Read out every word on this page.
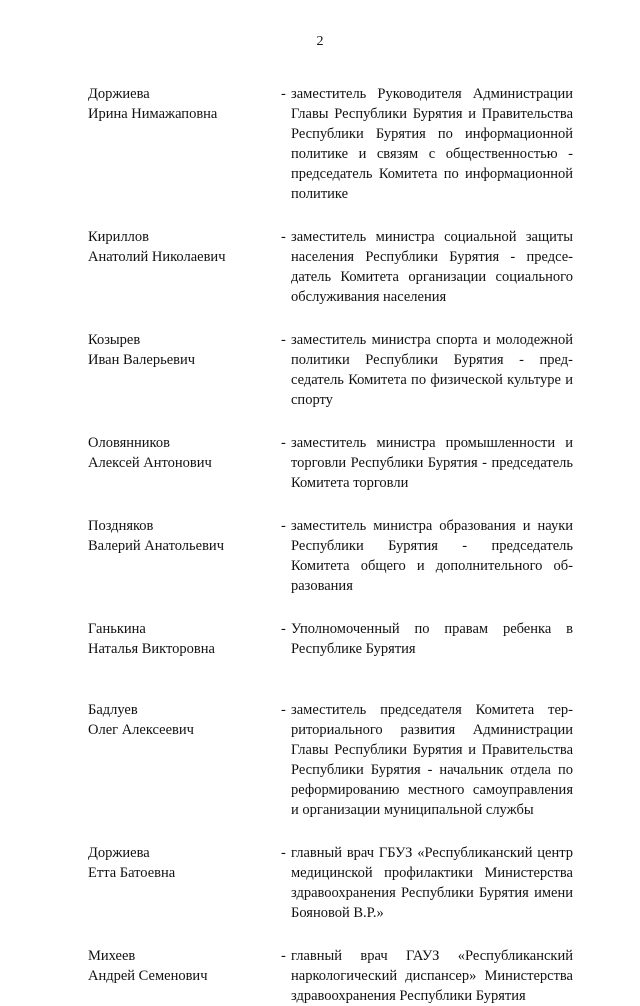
2
Доржиева
Ирина Нимажаповна
- заместитель Руководителя Администрации Главы Республики Бурятия и Правительства Республики Бурятия по информационной политике и связям с общественностью - председатель Комитета по информационной политике
Кириллов
Анатолий Николаевич
- заместитель министра социальной защиты населения Республики Бурятия - председатель Комитета организации социального обслуживания населения
Козырев
Иван Валерьевич
- заместитель министра спорта и молодежной политики Республики Бурятия - председатель Комитета по физической культуре и спорту
Оловянников
Алексей Антонович
- заместитель министра промышленности и торговли Республики Бурятия - председатель Комитета торговли
Поздняков
Валерий Анатольевич
- заместитель министра образования и науки Республики Бурятия - председатель Комитета общего и дополнительного образования
Ганькина
Наталья Викторовна
- Уполномоченный по правам ребенка в Республике Бурятия
Бадлуев
Олег Алексеевич
- заместитель председателя Комитета территориального развития Администрации Главы Республики Бурятия и Правительства Республики Бурятия - начальник отдела по реформированию местного самоуправления и организации муниципальной службы
Доржиева
Етта Батоевна
- главный врач ГБУЗ «Республиканский центр медицинской профилактики Министерства здравоохранения Республики Бурятия имени Бояновой В.Р.»
Михеев
Андрей Семенович
- главный врач ГАУЗ «Республиканский наркологический диспансер» Министерства здравоохранения Республики Бурятия
